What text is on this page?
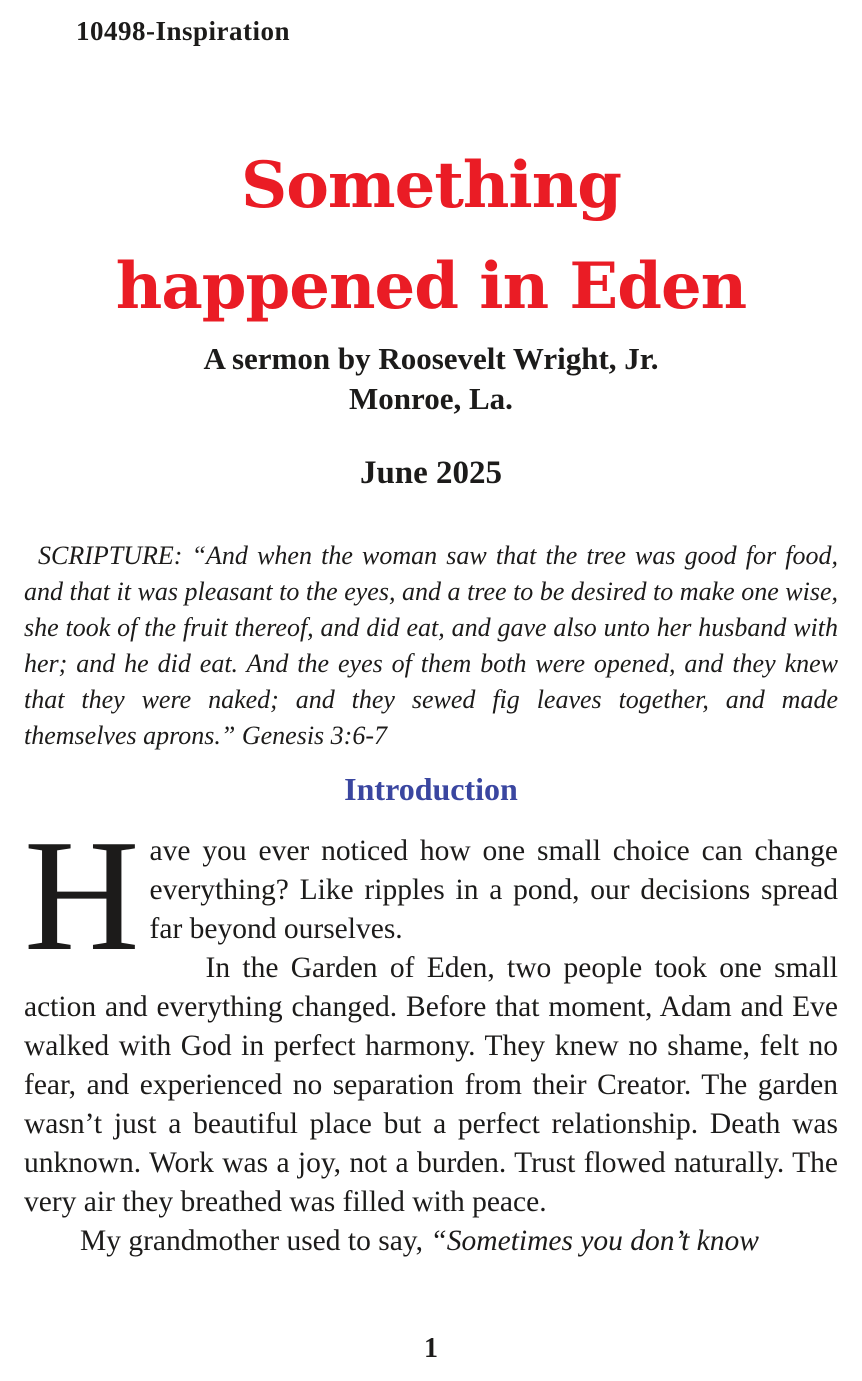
10498-Inspiration
Something
happened in Eden
A sermon by Roosevelt Wright, Jr.
Monroe, La.
June 2025
SCRIPTURE: “And when the woman saw that the tree was good for food, and that it was pleasant to the eyes, and a tree to be desired to make one wise, she took of the fruit thereof, and did eat, and gave also unto her husband with her; and he did eat. And the eyes of them both were opened, and they knew that they were naked; and they sewed fig leaves together, and made themselves aprons.” Genesis 3:6-7
Introduction

Have you ever noticed how one small choice can change everything? Like ripples in a pond, our decisions spread far beyond ourselves.

In the Garden of Eden, two people took one small action and everything changed. Before that moment, Adam and Eve walked with God in perfect harmony. They knew no shame, felt no fear, and experienced no separation from their Creator. The garden wasn’t just a beautiful place but a perfect relationship. Death was unknown. Work was a joy, not a burden. Trust flowed naturally. The very air they breathed was filled with peace.

My grandmother used to say, “Sometimes you don’t know

1
